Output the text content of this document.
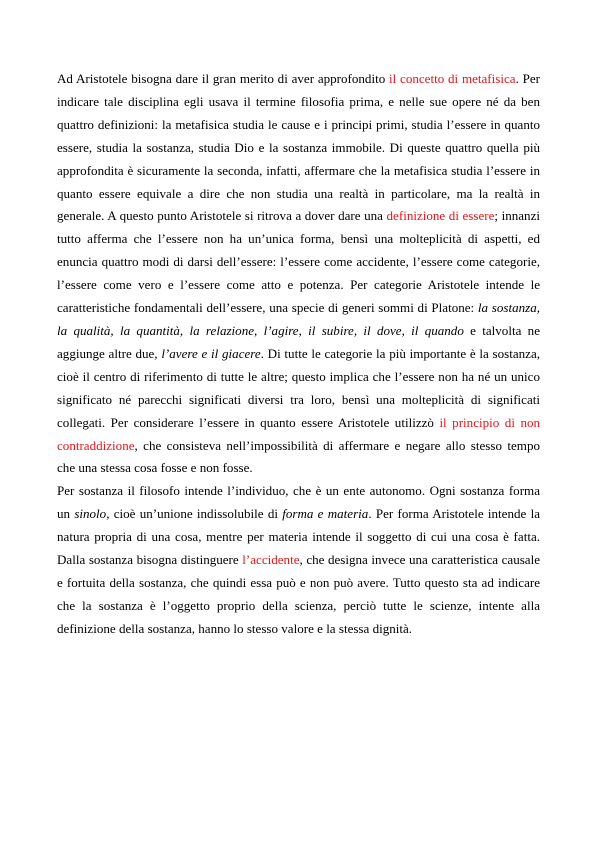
Ad Aristotele bisogna dare il gran merito di aver approfondito il concetto di metafisica. Per indicare tale disciplina egli usava il termine filosofia prima, e nelle sue opere né da ben quattro definizioni: la metafisica studia le cause e i principi primi, studia l’essere in quanto essere, studia la sostanza, studia Dio e la sostanza immobile. Di queste quattro quella più approfondita è sicuramente la seconda, infatti, affermare che la metafisica studia l’essere in quanto essere equivale a dire che non studia una realtà in particolare, ma la realtà in generale. A questo punto Aristotele si ritrova a dover dare una definizione di essere; innanzi tutto afferma che l’essere non ha un’unica forma, bensì una molteplicità di aspetti, ed enuncia quattro modi di darsi dell’essere: l’essere come accidente, l’essere come categorie, l’essere come vero e l’essere come atto e potenza. Per categorie Aristotele intende le caratteristiche fondamentali dell’essere, una specie di generi sommi di Platone: la sostanza, la qualità, la quantità, la relazione, l’agire, il subire, il dove, il quando e talvolta ne aggiunge altre due, l’avere e il giacere. Di tutte le categorie la più importante è la sostanza, cioè il centro di riferimento di tutte le altre; questo implica che l’essere non ha né un unico significato né parecchi significati diversi tra loro, bensì una molteplicità di significati collegati. Per considerare l’essere in quanto essere Aristotele utilizzò il principio di non contraddizione, che consisteva nell’impossibilità di affermare e negare allo stesso tempo che una stessa cosa fosse e non fosse.

Per sostanza il filosofo intende l’individuo, che è un ente autonomo. Ogni sostanza forma un sinolo, cioè un’unione indissolubile di forma e materia. Per forma Aristotele intende la natura propria di una cosa, mentre per materia intende il soggetto di cui una cosa è fatta. Dalla sostanza bisogna distinguere l’accidente, che designa invece una caratteristica causale e fortuita della sostanza, che quindi essa può e non può avere. Tutto questo sta ad indicare che la sostanza è l’oggetto proprio della scienza, perciò tutte le scienze, intente alla definizione della sostanza, hanno lo stesso valore e la stessa dignità.
